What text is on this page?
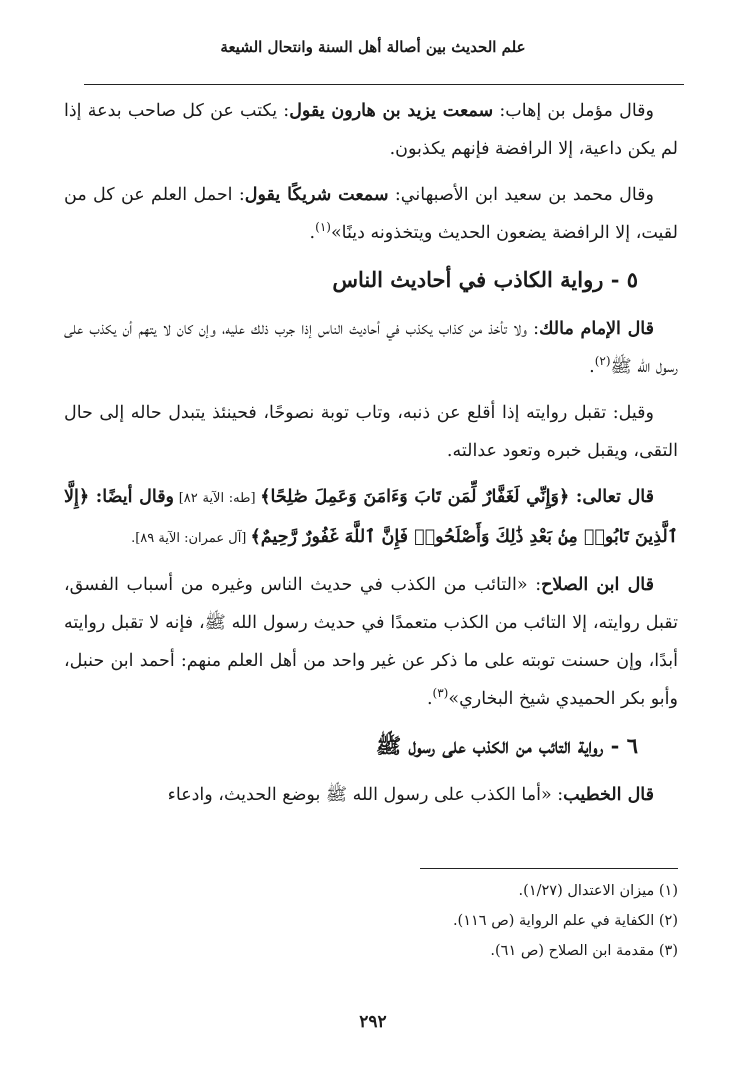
علم الحديث بين أصالة أهل السنة وانتحال الشيعة

وقال مؤمل بن إهاب: سمعت يزيد بن هارون يقول: يكتب عن كل صاحب بدعة إذا لم يكن داعية، إلا الرافضة فإنهم يكذبون.

وقال محمد بن سعيد ابن الأصبهاني: سمعت شريكًا يقول: احمل العلم عن كل من لقيت، إلا الرافضة يضعون الحديث ويتخذونه دينًا»$^{(١)}$.

٥ - رواية الكاذب في أحاديث الناس

قال الإمام مالك: ولا تأخذ من كذاب يكذب في أحاديث الناس إذا جرب ذلك عليه، وإن كان لا يتهم أن يكذب على رسول الله ﷺ$^{(٢)}$.

وقيل: تقبل روايته إذا أقلع عن ذنبه، وتاب توبة نصوحًا، فحينئذ يتبدل حاله إلى حال التقى، ويقبل خبره وتعود عدالته.

قال تعالى: ﴿وَإِنِّي لَغَفَّارٌ لِّمَن تَابَ وَءَامَنَ وَعَمِلَ صَٰلِحًا﴾ [طه: الآية ٨٢] وقال أيضًا: ﴿إِلَّا ٱلَّذِينَ تَابُوا۟ مِنۢ بَعْدِ ذَٰلِكَ وَأَصْلَحُوا۟ فَإِنَّ ٱللَّهَ غَفُورٌ رَّحِيمٌ﴾ [آل عمران: الآية ٨٩].

قال ابن الصلاح: «التائب من الكذب في حديث الناس وغيره من أسباب الفسق، تقبل روايته، إلا التائب من الكذب متعمدًا في حديث رسول الله ﷺ، فإنه لا تقبل روايته أبدًا، وإن حسنت توبته على ما ذكر عن غير واحد من أهل العلم منهم: أحمد ابن حنبل، وأبو بكر الحميدي شيخ البخاري»$^{(٣)}$.

٦ - رواية التائب من الكذب على رسول ﷺ

قال الخطيب: «أما الكذب على رسول الله ﷺ بوضع الحديث، وادعاء

(١) ميزان الاعتدال (١/٢٧).
(٢) الكفاية في علم الرواية (ص ١١٦).
(٣) مقدمة ابن الصلاح (ص ٦١).
٢٩٢
